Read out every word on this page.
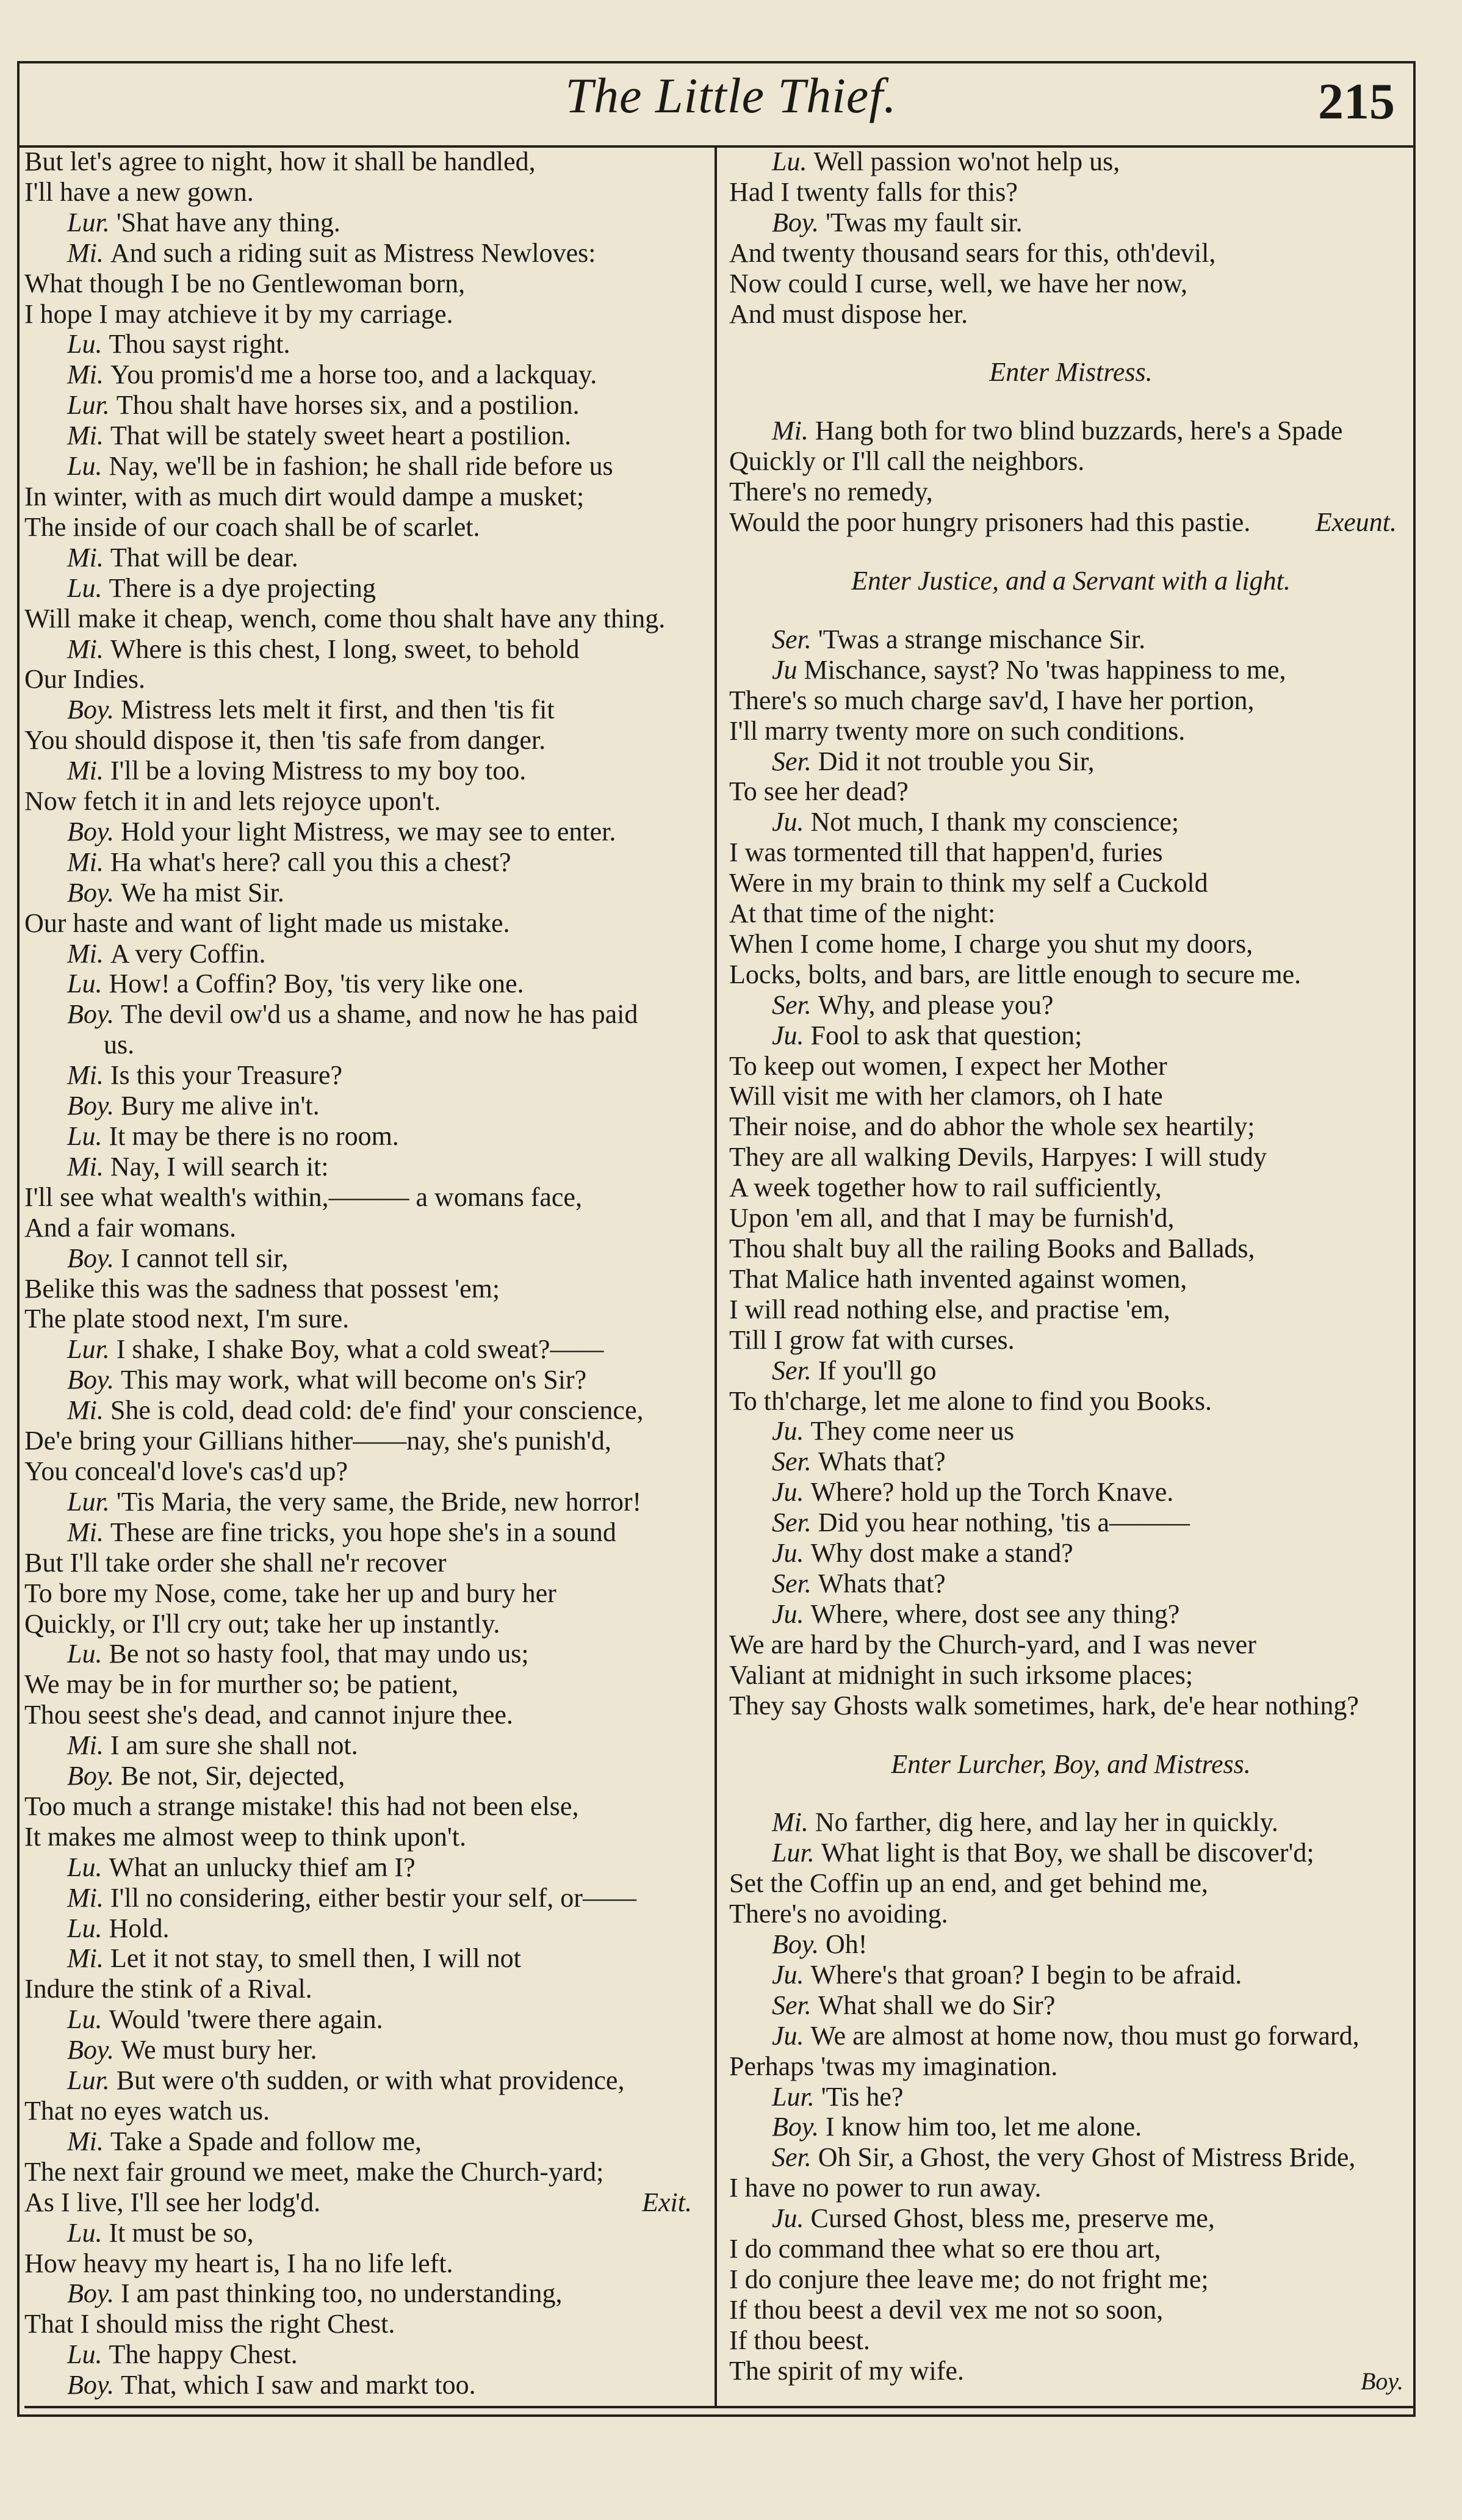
The Little Thief.	215
But let's agree to night, how it shall be handled,
I'll have a new gown.
Lur. 'Shat have any thing.
Mi. And such a riding suit as Mistress Newloves:
What though I be no Gentlewoman born,
I hope I may atchieve it by my carriage.
Lu. Thou sayst right.
Mi. You promis'd me a horse too, and a lackquay.
Lur. Thou shalt have horses six, and a postilion.
Mi. That will be stately sweet heart a postilion.
Lu. Nay, we'll be in fashion; he shall ride before us
In winter, with as much dirt would dampe a musket;
The inside of our coach shall be of scarlet.
Mi. That will be dear.
Lu. There is a dye projecting
Will make it cheap, wench, come thou shalt have any thing.
Mi. Where is this chest, I long, sweet, to behold
Our Indies.
Boy. Mistress lets melt it first, and then 'tis fit
You should dispose it, then 'tis safe from danger.
Mi. I'll be a loving Mistress to my boy too.
Now fetch it in and lets rejoyce upon't.
Boy. Hold your light Mistress, we may see to enter.
Mi. Ha what's here? call you this a chest?
Boy. We ha mist Sir.
Our haste and want of light made us mistake.
Mi. A very Coffin.
Lu. How! a Coffin? Boy, 'tis very like one.
Boy. The devil ow'd us a shame, and now he has paid
us.
Mi. Is this your Treasure?
Boy. Bury me alive in't.
Lu. It may be there is no room.
Mi. Nay, I will search it:
I'll see what wealth's within,——— a womans face,
And a fair womans.
Boy. I cannot tell sir,
Belike this was the sadness that possest 'em;
The plate stood next, I'm sure.
Lur. I shake, I shake Boy, what a cold sweat?——
Boy. This may work, what will become on's Sir?
Mi. She is cold, dead cold: de'e find' your conscience,
De'e bring your Gillians hither——nay, she's punish'd,
You conceal'd love's cas'd up?
Lur. 'Tis Maria, the very same, the Bride, new horror!
Mi. These are fine tricks, you hope she's in a sound
But I'll take order she shall ne'r recover
To bore my Nose, come, take her up and bury her
Quickly, or I'll cry out; take her up instantly.
Lu. Be not so hasty fool, that may undo us;
We may be in for murther so; be patient,
Thou seest she's dead, and cannot injure thee.
Mi. I am sure she shall not.
Boy. Be not, Sir, dejected,
Too much a strange mistake! this had not been else,
It makes me almost weep to think upon't.
Lu. What an unlucky thief am I?
Mi. I'll no considering, either bestir your self, or——
Lu. Hold.
Mi. Let it not stay, to smell then, I will not
Indure the stink of a Rival.
Lu. Would 'twere there again.
Boy. We must bury her.
Lur. But were o'th sudden, or with what providence,
That no eyes watch us.
Mi. Take a Spade and follow me,
The next fair ground we meet, make the Church-yard;
As I live, I'll see her lodg'd.	Exit.
Lu. It must be so,
How heavy my heart is, I ha no life left.
Boy. I am past thinking too, no understanding,
That I should miss the right Chest.
Lu. The happy Chest.
Boy. That, which I saw and markt too.
Lu. Well passion wo'not help us,
Had I twenty falls for this?
Boy. 'Twas my fault sir.
And twenty thousand sears for this, oth'devil,
Now could I curse, well, we have her now,
And must dispose her.
Enter Mistress.
Mi. Hang both for two blind buzzards, here's a Spade
Quickly or I'll call the neighbors.
There's no remedy,
Would the poor hungry prisoners had this pastie. Exeunt.
Enter Justice, and a Servant with a light.
Ser. 'Twas a strange mischance Sir.
Ju Mischance, sayst? No 'twas happiness to me,
There's so much charge sav'd, I have her portion,
I'll marry twenty more on such conditions.
Ser. Did it not trouble you Sir,
To see her dead?
Ju. Not much, I thank my conscience;
I was tormented till that happen'd, furies
Were in my brain to think my self a Cuckold
At that time of the night:
When I come home, I charge you shut my doors,
Locks, bolts, and bars, are little enough to secure me.
Ser. Why, and please you?
Ju. Fool to ask that question;
To keep out women, I expect her Mother
Will visit me with her clamors, oh I hate
Their noise, and do abhor the whole sex heartily;
They are all walking Devils, Harpyes: I will study
A week together how to rail sufficiently,
Upon 'em all, and that I may be furnish'd,
Thou shalt buy all the railing Books and Ballads,
That Malice hath invented against women,
I will read nothing else, and practise 'em,
Till I grow fat with curses.
Ser. If you'll go
To th'charge, let me alone to find you Books.
Ju. They come neer us
Ser. Whats that?
Ju. Where? hold up the Torch Knave.
Ser. Did you hear nothing, 'tis a———
Ju. Why dost make a stand?
Ser. Whats that?
Ju. Where, where, dost see any thing?
We are hard by the Church-yard, and I was never
Valiant at midnight in such irksome places;
They say Ghosts walk sometimes, hark, de'e hear nothing?
Enter Lurcher, Boy, and Mistress.
Mi. No farther, dig here, and lay her in quickly.
Lur. What light is that Boy, we shall be discover'd;
Set the Coffin up an end, and get behind me,
There's no avoiding.
Boy. Oh!
Ju. Where's that groan? I begin to be afraid.
Ser. What shall we do Sir?
Ju. We are almost at home now, thou must go forward,
Perhaps 'twas my imagination.
Lur. 'Tis he?
Boy. I know him too, let me alone.
Ser. Oh Sir, a Ghost, the very Ghost of Mistress Bride,
I have no power to run away.
Ju. Cursed Ghost, bless me, preserve me,
I do command thee what so ere thou art,
I do conjure thee leave me; do not fright me;
If thou beest a devil vex me not so soon,
If thou beest.
The spirit of my wife.	Boy.
